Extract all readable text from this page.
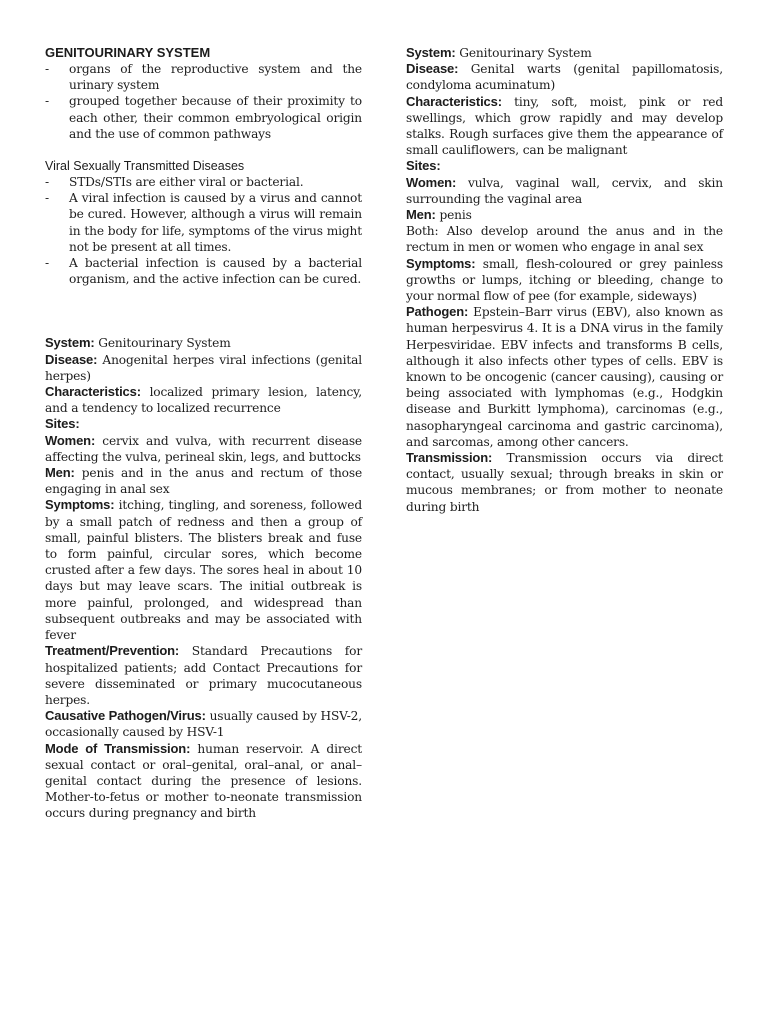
GENITOURINARY SYSTEM
- organs of the reproductive system and the urinary system
- grouped together because of their proximity to each other, their common embryological origin and the use of common pathways
Viral Sexually Transmitted Diseases
- STDs/STIs are either viral or bacterial.
- A viral infection is caused by a virus and cannot be cured. However, although a virus will remain in the body for life, symptoms of the virus might not be present at all times.
- A bacterial infection is caused by a bacterial organism, and the active infection can be cured.
System: Genitourinary System
Disease: Anogenital herpes viral infections (genital herpes)
Characteristics: localized primary lesion, latency, and a tendency to localized recurrence
Sites:
Women: cervix and vulva, with recurrent disease affecting the vulva, perineal skin, legs, and buttocks
Men: penis and in the anus and rectum of those engaging in anal sex
Symptoms: itching, tingling, and soreness, followed by a small patch of redness and then a group of small, painful blisters. The blisters break and fuse to form painful, circular sores, which become crusted after a few days. The sores heal in about 10 days but may leave scars. The initial outbreak is more painful, prolonged, and widespread than subsequent outbreaks and may be associated with fever
Treatment/Prevention: Standard Precautions for hospitalized patients; add Contact Precautions for severe disseminated or primary mucocutaneous herpes.
Causative Pathogen/Virus: usually caused by HSV-2, occasionally caused by HSV-1
Mode of Transmission: human reservoir. A direct sexual contact or oral–genital, oral–anal, or anal–genital contact during the presence of lesions. Mother-to-fetus or mother to-neonate transmission occurs during pregnancy and birth
System: Genitourinary System
Disease: Genital warts (genital papillomatosis, condyloma acuminatum)
Characteristics: tiny, soft, moist, pink or red swellings, which grow rapidly and may develop stalks. Rough surfaces give them the appearance of small cauliflowers, can be malignant
Sites:
Women: vulva, vaginal wall, cervix, and skin surrounding the vaginal area
Men: penis
Both: Also develop around the anus and in the rectum in men or women who engage in anal sex
Symptoms: small, flesh-coloured or grey painless growths or lumps, itching or bleeding, change to your normal flow of pee (for example, sideways)
Pathogen: Epstein–Barr virus (EBV), also known as human herpesvirus 4. It is a DNA virus in the family Herpesviridae. EBV infects and transforms B cells, although it also infects other types of cells. EBV is known to be oncogenic (cancer causing), causing or being associated with lymphomas (e.g., Hodgkin disease and Burkitt lymphoma), carcinomas (e.g., nasopharyngeal carcinoma and gastric carcinoma), and sarcomas, among other cancers.
Transmission: Transmission occurs via direct contact, usually sexual; through breaks in skin or mucous membranes; or from mother to neonate during birth
